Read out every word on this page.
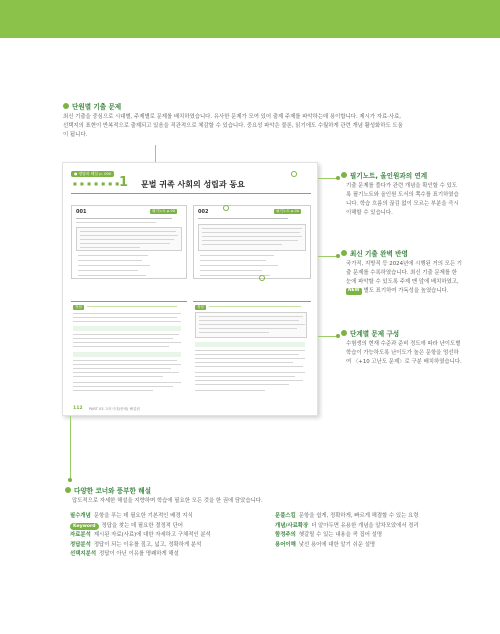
단원별 기출 문제
최신 기출을 중심으로 시대별, 주제별로 문제를 배치하였습니다. 유사한 문제가 모여 있어 출제 주제를 파악하는데 용이합니다. 제시가 자료·사료,
선택지의 표현이 반복적으로 출제되고 있음을 직관적으로 체감할 수 있습니다. 중요성 파악은 물론, 읽기에도 수월하게 관련 개념 활성화하도 도움
이 됩니다.
● 정답과 해설 p. 000
■ ■ ■ ■ ■ ■ ■
1 문벌 귀족 사회의 성립과 동요
001	필기노트 p.00	002	필기노트 p.00
정답	정답
112 PART 03 고려시대(중세) 해설편
필기노트, 올인원과의 연계
기출 문제를 풀다가 관련 개념을 확인할 수 있도
록 필기노트와 올인원 도서의 쪽수를 표기하였습
니다. 학습 흐름의 끊김 없이 모르는 부분을 즉시
이해할 수 있습니다.
최신 기출 완벽 반영
국가직, 지방직 등 2024년에 시행된 거의 모든 기
출 문제를 수록하였습니다. 최신 기출 문제를 한
눈에 파악할 수 있도록 주제 맨 앞에 배치하였고,
NEW 별도 표기하여 가독성을 높였습니다.
단계별 문제 구성
수험생의 현재 수준과 준비 정도에 따라 난이도별
학습이 가능하도록 난이도가 높은 문항을 엄선하
여 〈+10 고난도 문제〉로 구분 배치하였습니다.
다양한 코너와 풍부한 해설
압도적으로 자세한 해설을 지향하며 학습에 필요한 모든 것을 한 권에 담았습니다.
필수개념 문항을 푸는 데 필요한 기본적인 배경 지식
Keyword	정답을 찾는 데 필요한 결정적 단어
자료분석 제시된 자료(사료)에 대한 자세하고 구체적인 분석
정답분석 정답이 되는 이유를 짚고, 넓고, 정확하게 분석
선택지분석 정답이 아닌 이유를 명쾌하게 해설
문풀스킬 문항을 쉽게, 정확하게, 빠르게 해결할 수 있는 요령
개념/사료확장 더 알아두면 유용한 개념을 알차모았에서 정리
함정주의 헷갈릴 수 있는 내용을 콕 집어 설명
용어이해 낯선 용어에 대한 알기 쉬운 설명
